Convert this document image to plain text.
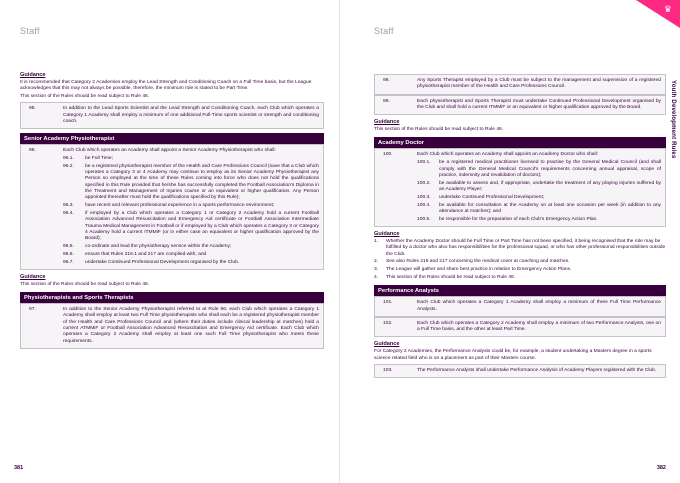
Staff
Guidance

It is recommended that Category 2 Academies employ the Lead Strength and Conditioning Coach on a Full Time basis, but the League acknowledges that this may not always be possible, therefore, the minimum role is stated to be Part Time.

This section of the Rules should be read subject to Rule 46.

95.	In addition to the Lead Sports Scientist and the Lead Strength and Conditioning Coach, each Club which operates a Category 1 Academy shall employ a minimum of one additional Full-Time sports scientist or strength and conditioning coach.
Senior Academy Physiotherapist
96.	Each Club which operates an Academy shall appoint a Senior Academy Physiotherapist who shall:
96.1.	be Full Time;
96.2.	be a registered physiotherapist member of the Health and Care Professions Council (save that a Club which operates a Category 3 or 4 Academy may continue to employ as its Senior Academy Physiotherapist any Person so employed at the time of these Rules coming into force who does not hold the qualifications specified in this Rule provided that he/she has successfully completed the Football Association's Diploma in the Treatment and Management of Injuries course or an equivalent or higher qualification. Any Person appointed thereafter must hold the qualifications specified by this Rule);
96.3.	have recent and relevant professional experience in a sports performance environment;
96.4.	if employed by a Club which operates a Category 1 or Category 2 Academy hold a current Football Association Advanced Resuscitation and Emergency Aid certificate or Football Association Intermediate Trauma Medical Management in Football or if employed by a Club which operates a Category 3 or Category 4 Academy hold a current ITMMiF (or in either case an equivalent or higher qualification approved by the Board);
96.5.	co-ordinate and lead the physiotherapy service within the Academy;
96.6.	ensure that Rules 216.1 and 217 are complied with; and
96.7.	undertake Continued Professional Development organised by the Club.
Guidance

This section of the Rules should be read subject to Rule 46.

Physiotherapists and Sports Therapists
97.	In addition to the Senior Academy Physiotherapist referred to at Rule 96, each Club which operates a Category 1 Academy shall employ at least two Full Time physiotherapists who shall each be a registered physiotherapist member of the Health and Care Professions Council and (where their duties include clinical leadership at matches) hold a current ATMMiF or Football Association Advanced Resuscitation and Emergency Aid certificate. Each Club which operates a Category 2 Academy shall employ at least one such Full Time physiotherapist who meets these requirements.
381
♛
Youth Development Rules
Staff
98.	Any Sports Therapist employed by a Club must be subject to the management and supervision of a registered physiotherapist member of the Health and Care Professions Council.
99.	Each physiotherapist and Sports Therapist must undertake Continued Professional Development organised by the Club and shall hold a current ITMMiF or an equivalent or higher qualification approved by the Board.
Guidance

This section of the Rules should be read subject to Rule 46.

Academy Doctor
100.	Each Club which operates an Academy shall appoint an Academy Doctor who shall:
100.1.	be a registered medical practitioner licensed to practise by the General Medical Council (and shall comply with the General Medical Council's requirements concerning annual appraisal, scope of practice, indemnity and revalidation of doctors);
100.2.	be available to assess and, if appropriate, undertake the treatment of any playing injuries suffered by an Academy Player;
100.3.	undertake Continued Professional Development;
100.4.	be available for consultation at the Academy on at least one occasion per week (in addition to any attendance at matches); and
100.5.	be responsible for the preparation of each Club's Emergency Action Plan.
Guidance
1.	Whether the Academy Doctor should be Full Time or Part Time has not been specified, it being recognised that the role may be fulfilled by a doctor who also has responsibilities for the professional squad, or who has other professional responsibilities outside the Club.
2.	See also Rules 216 and 217 concerning the medical cover at coaching and matches.
3.	The League will gather and share best practice in relation to Emergency Action Plans.
4.	This section of the Rules should be read subject to Rule 46.
Performance Analysts
101.	Each Club which operates a Category 1 Academy shall employ a minimum of three Full Time Performance Analysts.
102.	Each Club which operates a Category 2 Academy shall employ a minimum of two Performance Analysts, one on a Full Time basis, and the other at least Part Time.
Guidance

For Category 2 Academies, the Performance Analysts could be, for example, a student undertaking a Masters degree in a sports science related field who is on a placement as part of their Masters course.

103.	The Performance Analysts shall undertake Performance Analysis of Academy Players registered with the Club.
382
